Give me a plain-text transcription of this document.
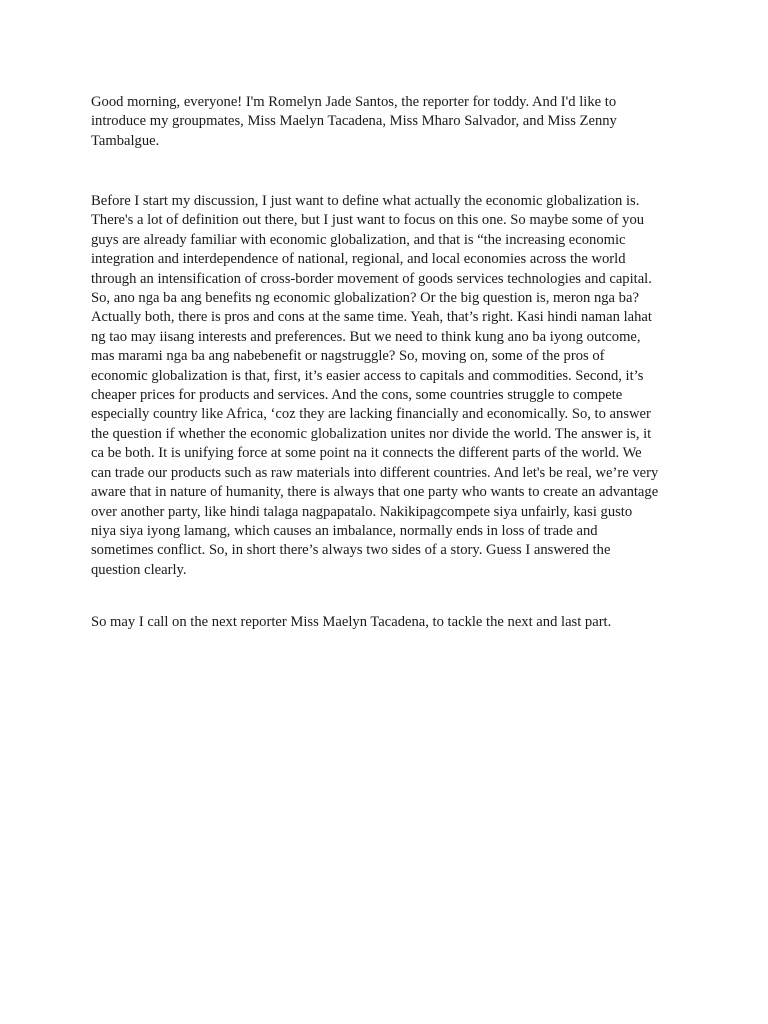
Good morning, everyone! I'm Romelyn Jade Santos, the reporter for toddy. And I'd like to
introduce my groupmates, Miss Maelyn Tacadena, Miss Mharo Salvador, and Miss Zenny
Tambalgue.
Before I start my discussion, I just want to define what actually the economic globalization is.
There's a lot of definition out there, but I just want to focus on this one. So maybe some of you
guys are already familiar with economic globalization, and that is “the increasing economic
integration and interdependence of national, regional, and local economies across the world
through an intensification of cross-border movement of goods services technologies and capital.
So, ano nga ba ang benefits ng economic globalization? Or the big question is, meron nga ba?
Actually both, there is pros and cons at the same time. Yeah, that’s right. Kasi hindi naman lahat
ng tao may iisang interests and preferences. But we need to think kung ano ba iyong outcome,
mas marami nga ba ang nabebenefit or nagstruggle? So, moving on, some of the pros of
economic globalization is that, first, it’s easier access to capitals and commodities. Second, it’s
cheaper prices for products and services. And the cons, some countries struggle to compete
especially country like Africa, ‘coz they are lacking financially and economically. So, to answer
the question if whether the economic globalization unites nor divide the world. The answer is, it
ca be both. It is unifying force at some point na it connects the different parts of the world. We
can trade our products such as raw materials into different countries. And let's be real, we’re very
aware that in nature of humanity, there is always that one party who wants to create an advantage
over another party, like hindi talaga nagpapatalo. Nakikipagcompete siya unfairly, kasi gusto
niya siya iyong lamang, which causes an imbalance, normally ends in loss of trade and
sometimes conflict. So, in short there’s always two sides of a story. Guess I answered the
question clearly.
So may I call on the next reporter Miss Maelyn Tacadena, to tackle the next and last part.
